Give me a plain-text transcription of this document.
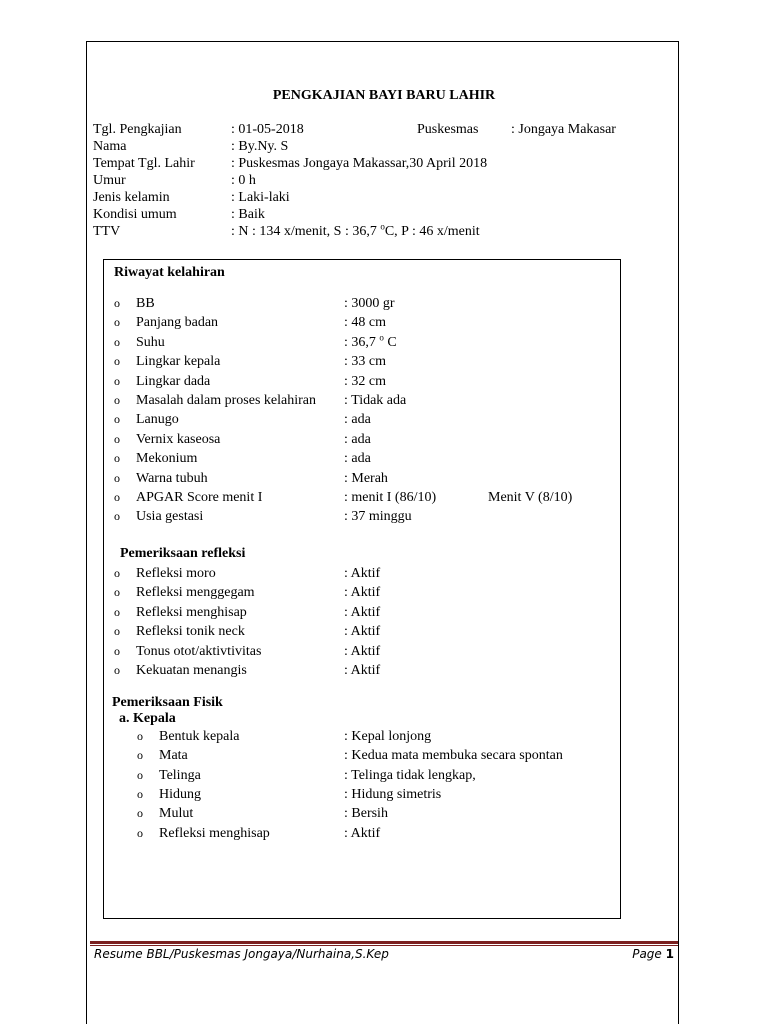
PENGKAJIAN BAYI BARU LAHIR
Tgl. Pengkajian	: 01-05-2018	Puskesmas : Jongaya Makasar
Nama	: By.Ny. S
Tempat Tgl. Lahir	: Puskesmas Jongaya Makassar,30 April 2018
Umur	: 0 h
Jenis kelamin	: Laki-laki
Kondisi umum	: Baik
TTV	: N : 134 x/menit, S : 36,7 $^o$C, P : 46 x/menit
Riwayat kelahiran
o BB	: 3000 gr
o Panjang badan	: 48 cm
o Suhu	: 36,7 $^o$ C
o Lingkar kepala	: 33 cm
o Lingkar dada	: 32 cm
o Masalah dalam proses kelahiran : Tidak ada
o Lanugo	: ada
o Vernix kaseosa	: ada
o Mekonium	: ada
o Warna tubuh	: Merah
o APGAR Score menit I	: menit I (86/10)	Menit V (8/10)
o Usia gestasi	: 37 minggu
Pemeriksaan refleksi
o Refleksi moro	: Aktif
o Refleksi menggegam	: Aktif
o Refleksi menghisap	: Aktif
o Refleksi tonik neck	: Aktif
o Tonus otot/aktivtivitas	: Aktif
o Kekuatan menangis	: Aktif
Pemeriksaan Fisik
a. Kepala
o Bentuk kepala	: Kepal lonjong
o Mata	: Kedua mata membuka secara spontan
o Telinga	: Telinga tidak lengkap,
o Hidung	: Hidung simetris
o Mulut	: Bersih
o Refleksi menghisap	: Aktif
Resume BBL/Puskesmas Jongaya/Nurhaina,S.Kep	Page 1
